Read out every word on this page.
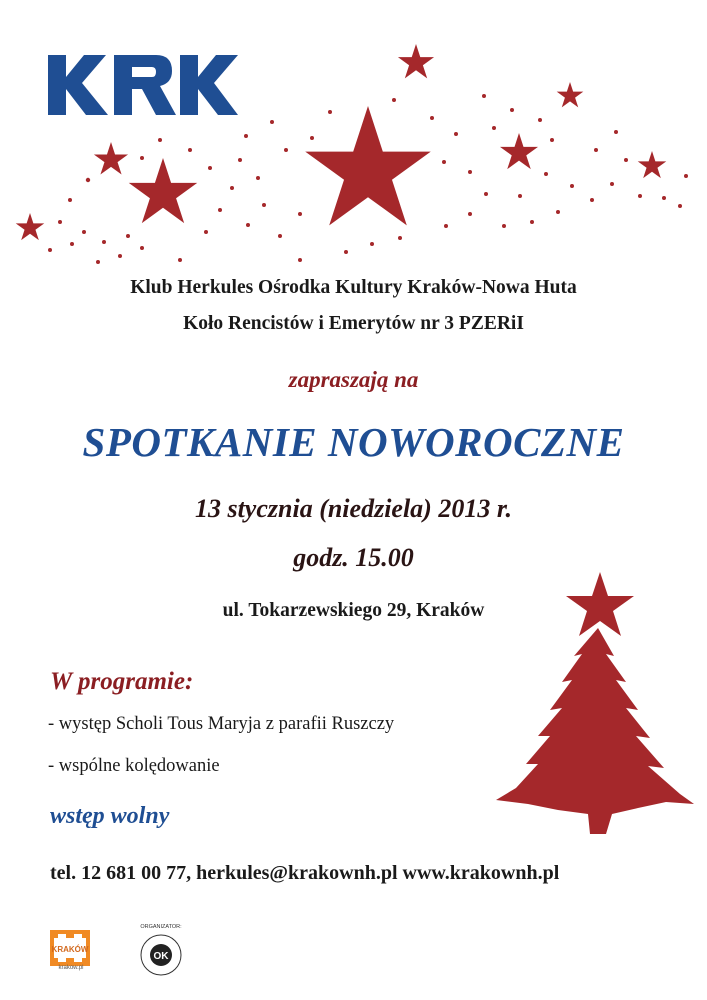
Klub Herkules Ośrodka Kultury Kraków-Nowa Huta
Koło Rencistów i Emerytów nr 3 PZERiI
zapraszają na
SPOTKANIE NOWOROCZNE
13 stycznia (niedziela) 2013 r.
godz. 15.00
ul. Tokarzewskiego 29, Kraków
W programie:
- występ Scholi Tous Maryja z parafii Ruszczy
- wspólne kolędowanie
wstęp wolny
tel. 12 681 00 77, herkules@krakownh.pl www.krakownh.pl
KRAKÓW
krakow.pl
ORGANIZATOR:
OK
